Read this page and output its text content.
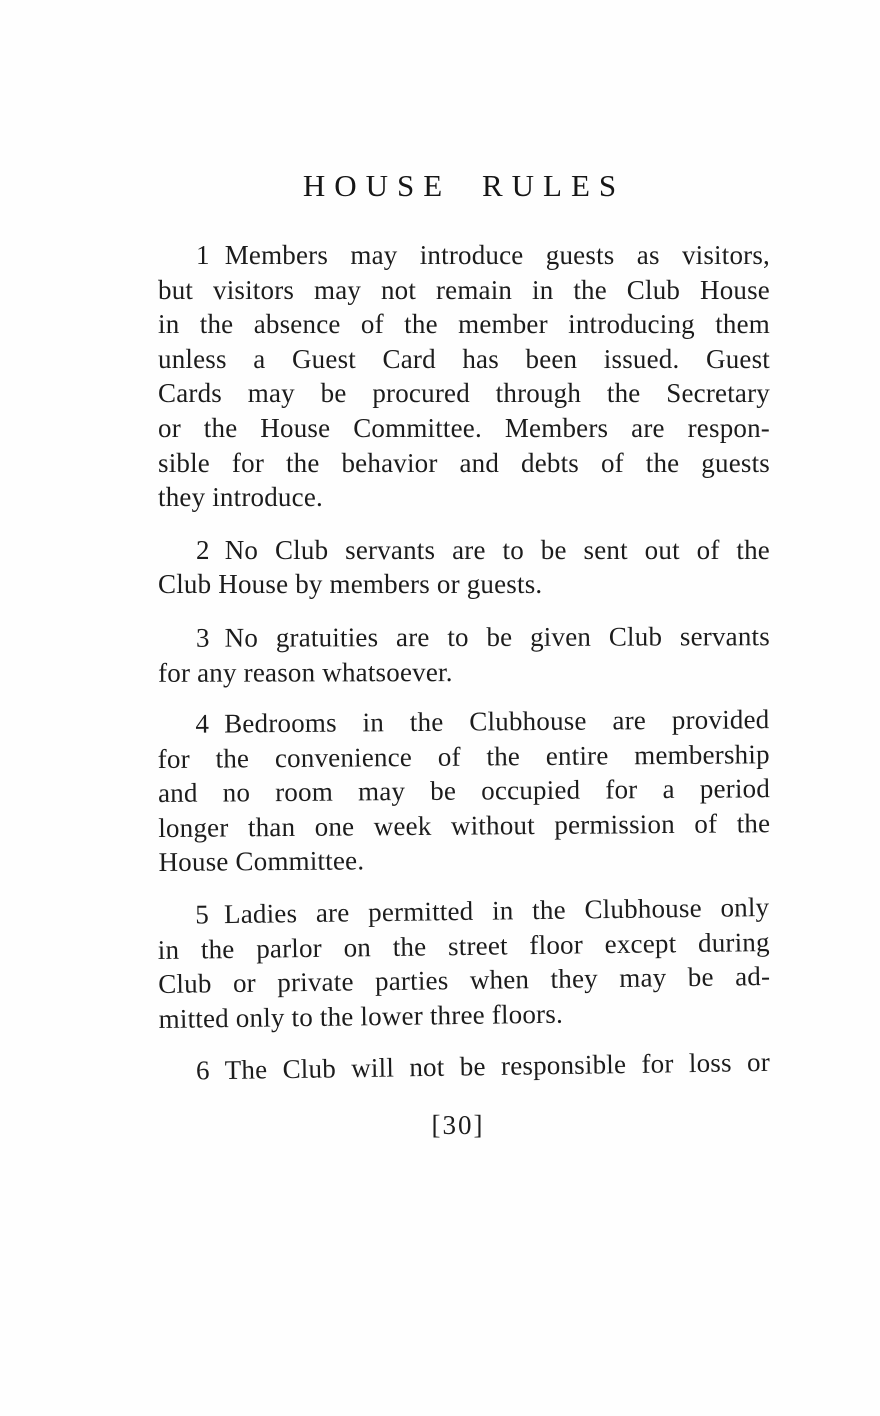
HOUSE RULES

1 Members may introduce guests as visitors,
but visitors may not remain in the Club House
in the absence of the member introducing them
unless a Guest Card has been issued. Guest
Cards may be procured through the Secretary
or the House Committee. Members are respon-
sible for the behavior and debts of the guests
they introduce.

2 No Club servants are to be sent out of the
Club House by members or guests.

3 No gratuities are to be given Club servants
for any reason whatsoever.

4 Bedrooms in the Clubhouse are provided
for the convenience of the entire membership
and no room may be occupied for a period
longer than one week without permission of the
House Committee.

5 Ladies are permitted in the Clubhouse only
in the parlor on the street floor except during
Club or private parties when they may be ad-
mitted only to the lower three floors.

6 The Club will not be responsible for loss or

[30]
